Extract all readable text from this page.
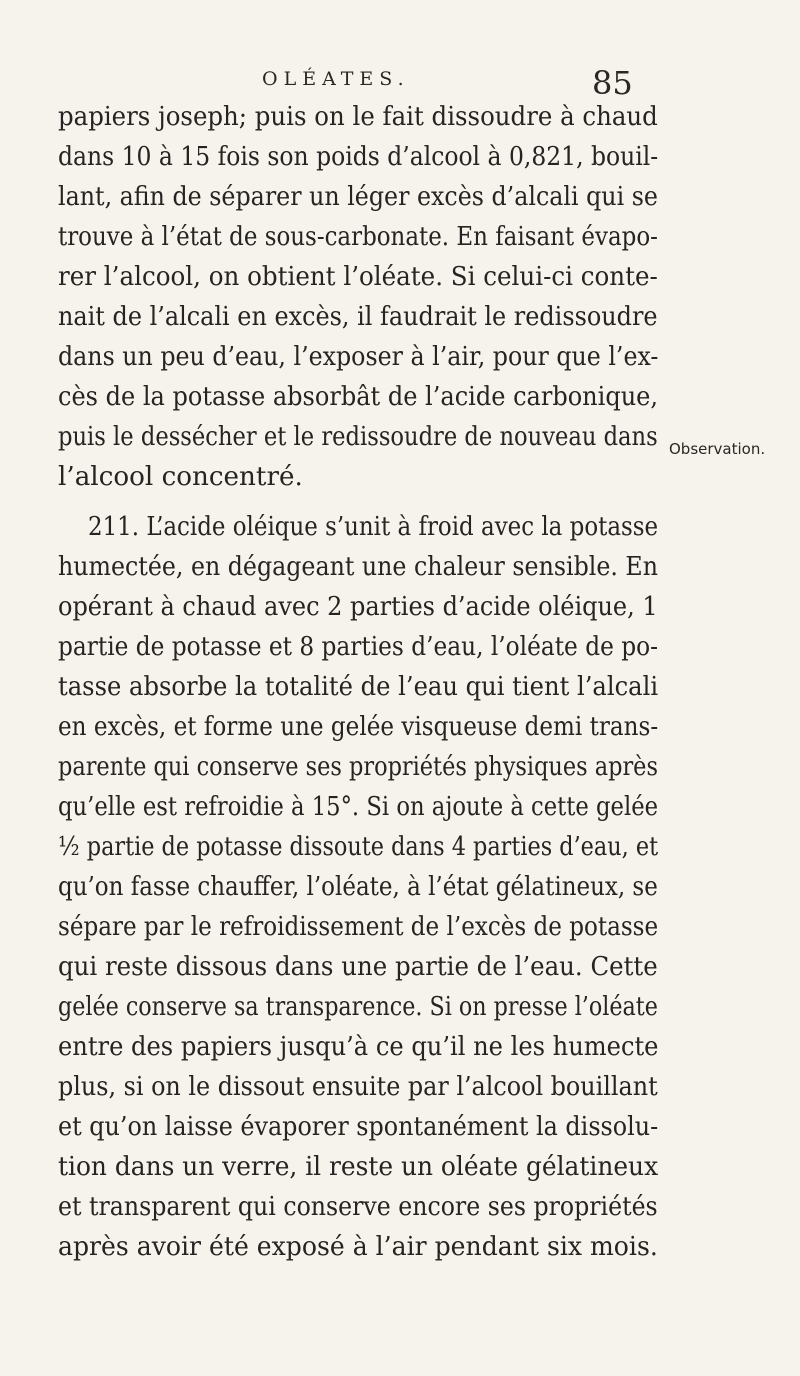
OLÉATES.	85
papiers joseph; puis on le fait dissoudre à chaud
dans 10 à 15 fois son poids d’alcool à 0,821, bouil-
lant, afin de séparer un léger excès d’alcali qui se
trouve à l’état de sous-carbonate. En faisant évapo-
rer l’alcool, on obtient l’oléate. Si celui-ci conte-
nait de l’alcali en excès, il faudrait le redissoudre
dans un peu d’eau, l’exposer à l’air, pour que l’ex-
cès de la potasse absorbât de l’acide carbonique,
puis le dessécher et le redissoudre de nouveau dans
l’alcool concentré.
211. L’acide oléique s’unit à froid avec la potasse
humectée, en dégageant une chaleur sensible. En
opérant à chaud avec 2 parties d’acide oléique, 1
partie de potasse et 8 parties d’eau, l’oléate de po-
tasse absorbe la totalité de l’eau qui tient l’alcali
en excès, et forme une gelée visqueuse demi trans-
parente qui conserve ses propriétés physiques après
qu’elle est refroidie à 15°. Si on ajoute à cette gelée
½ partie de potasse dissoute dans 4 parties d’eau, et
qu’on fasse chauffer, l’oléate, à l’état gélatineux, se
sépare par le refroidissement de l’excès de potasse
qui reste dissous dans une partie de l’eau. Cette
gelée conserve sa transparence. Si on presse l’oléate
entre des papiers jusqu’à ce qu’il ne les humecte
plus, si on le dissout ensuite par l’alcool bouillant
et qu’on laisse évaporer spontanément la dissolu-
tion dans un verre, il reste un oléate gélatineux
et transparent qui conserve encore ses propriétés
après avoir été exposé à l’air pendant six mois.
Observation.
